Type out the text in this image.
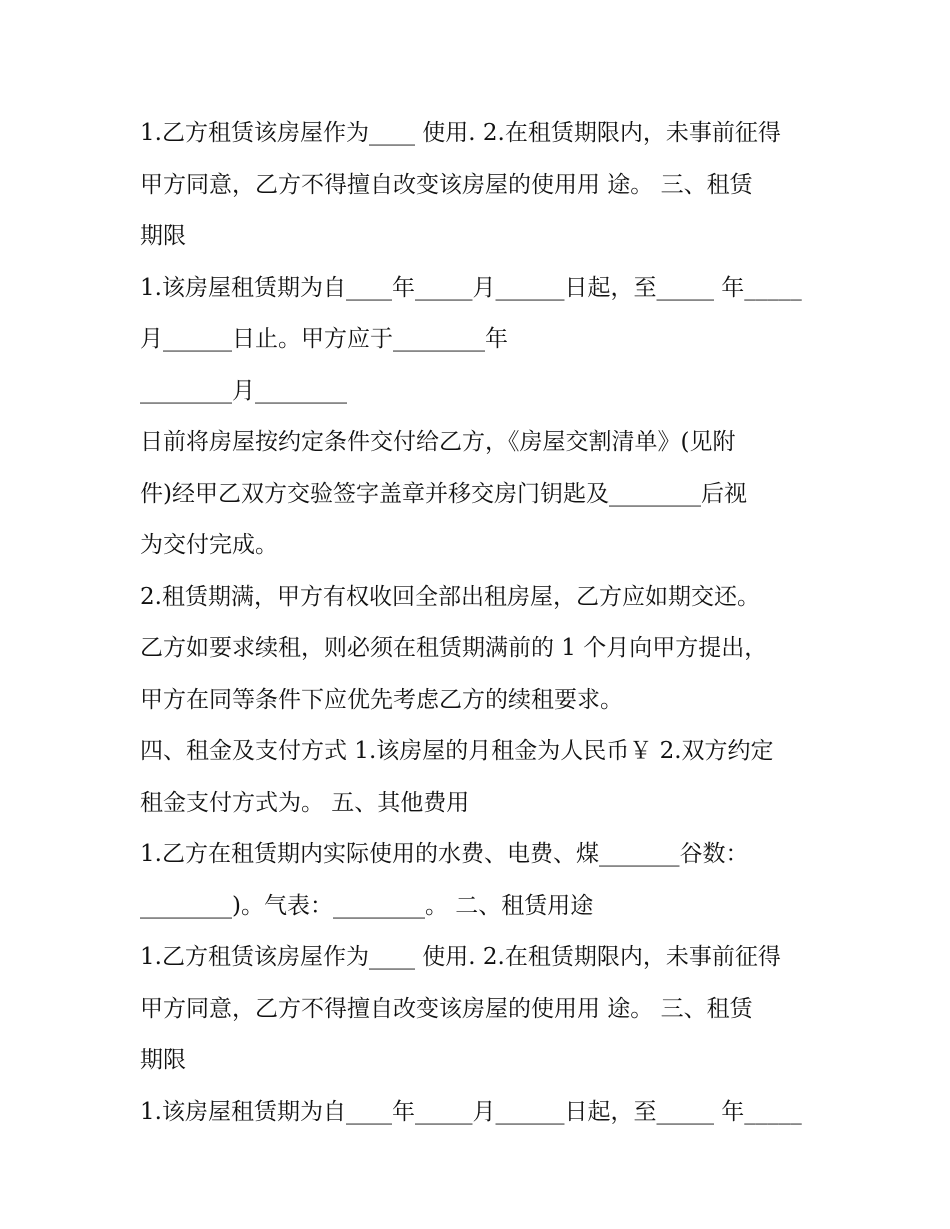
1.乙方租赁该房屋作为____ 使用. 2.在租赁期限内，未事前征得
甲方同意，乙方不得擅自改变该房屋的使用用 途。 三、租赁
期限
1.该房屋租赁期为自____年_____月______日起，至_____ 年_____
月______日止。甲方应于________年
________月________
日前将房屋按约定条件交付给乙方，《房屋交割清单》(见附
件)经甲乙双方交验签字盖章并移交房门钥匙及________后视
为交付完成。
2.租赁期满，甲方有权收回全部出租房屋，乙方应如期交还。
乙方如要求续租，则必须在租赁期满前的 1 个月向甲方提出，
甲方在同等条件下应优先考虑乙方的续租要求。
四、租金及支付方式 1.该房屋的月租金为人民币￥ 2.双方约定
租金支付方式为。 五、其他费用
1.乙方在租赁期内实际使用的水费、电费、煤_______谷数：
________)。气表：________。 二、租赁用途
1.乙方租赁该房屋作为____ 使用. 2.在租赁期限内，未事前征得
甲方同意，乙方不得擅自改变该房屋的使用用 途。 三、租赁
期限
1.该房屋租赁期为自____年_____月______日起，至_____ 年_____
